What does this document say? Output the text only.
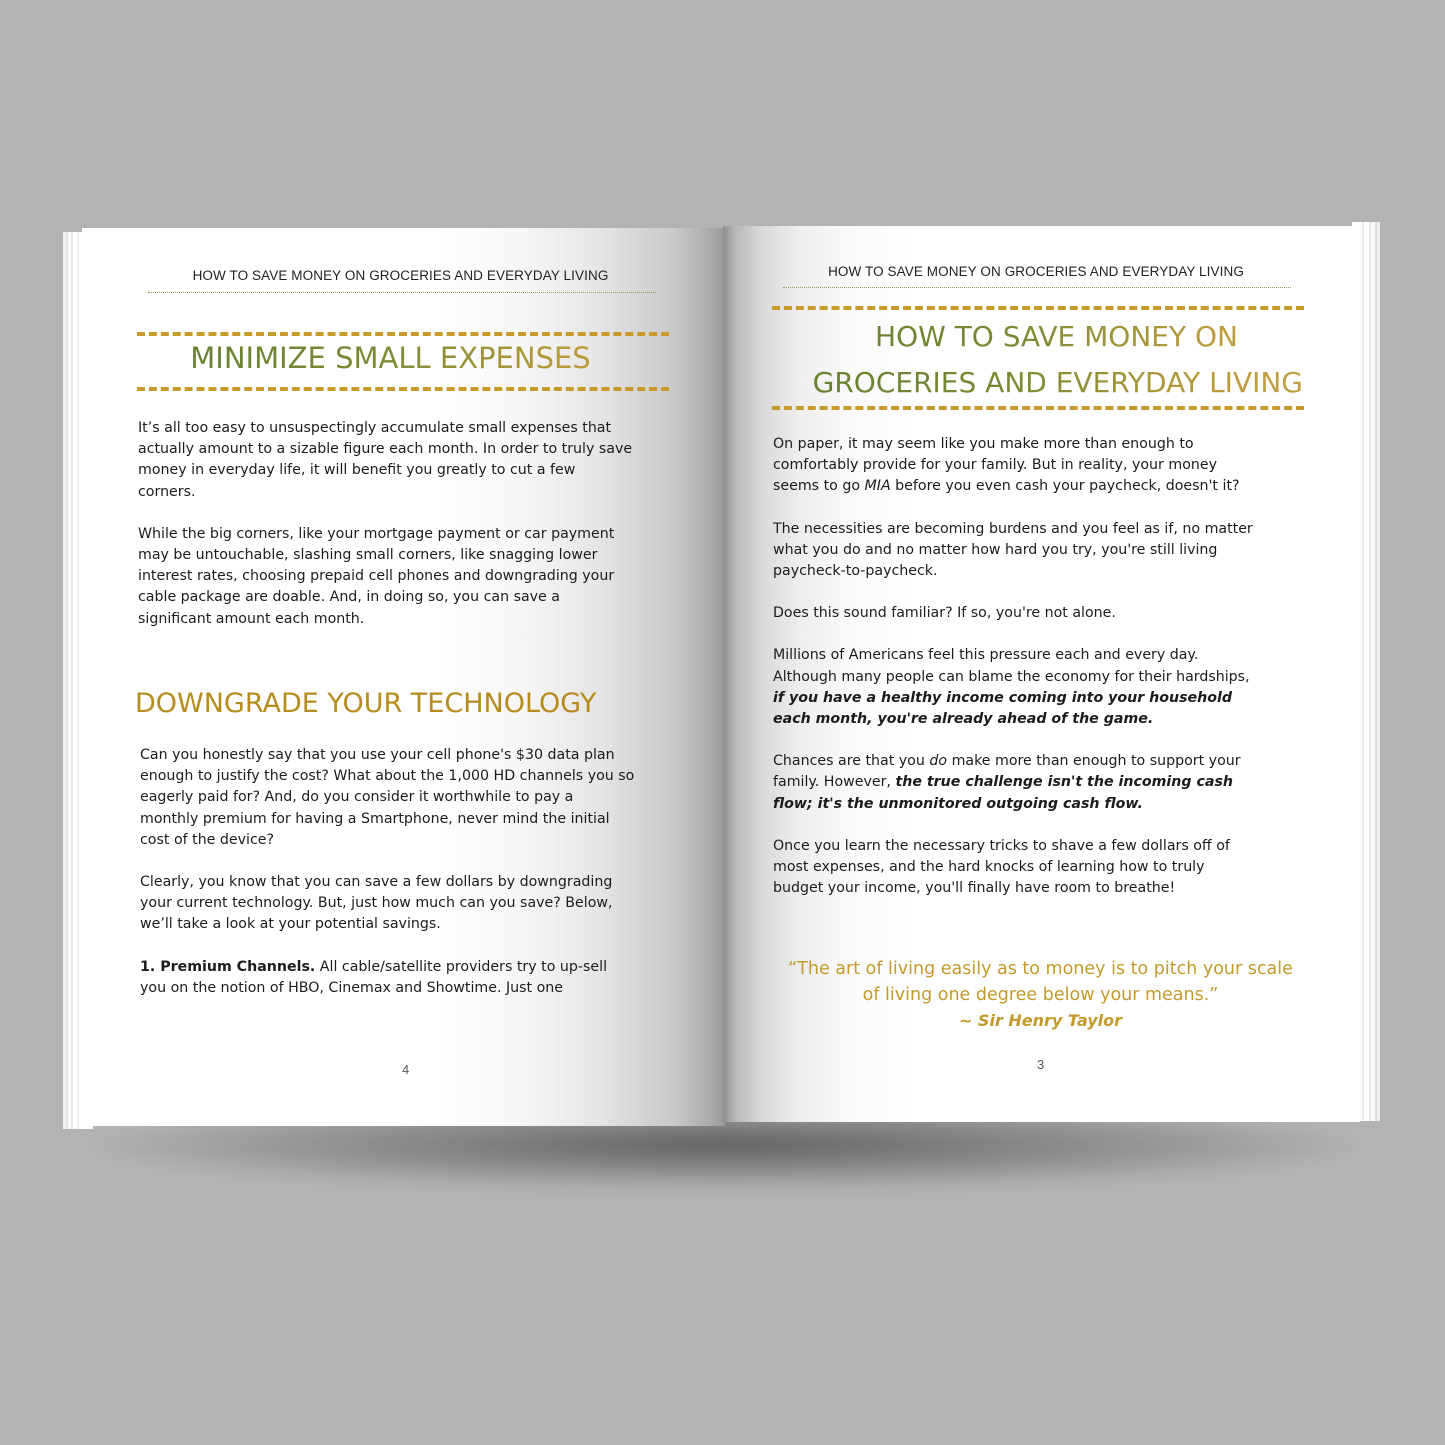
HOW TO SAVE MONEY ON GROCERIES AND EVERYDAY LIVING
MINIMIZE SMALL EXPENSES

It’s all too easy to unsuspectingly accumulate small expenses that actually amount to a sizable figure each month. In order to truly save money in everyday life, it will benefit you greatly to cut a few corners.

While the big corners, like your mortgage payment or car payment may be untouchable, slashing small corners, like snagging lower interest rates, choosing prepaid cell phones and downgrading your cable package are doable. And, in doing so, you can save a significant amount each month.

DOWNGRADE YOUR TECHNOLOGY

Can you honestly say that you use your cell phone's $30 data plan enough to justify the cost? What about the 1,000 HD channels you so eagerly paid for? And, do you consider it worthwhile to pay a monthly premium for having a Smartphone, never mind the initial cost of the device?

Clearly, you know that you can save a few dollars by downgrading your current technology. But, just how much can you save? Below, we’ll take a look at your potential savings.

1. Premium Channels. All cable/satellite providers try to up-sell you on the notion of HBO, Cinemax and Showtime. Just one

4
HOW TO SAVE MONEY ON GROCERIES AND EVERYDAY LIVING
HOW TO SAVE MONEY ON
GROCERIES AND EVERYDAY LIVING

On paper, it may seem like you make more than enough to comfortably provide for your family. But in reality, your money seems to go MIA before you even cash your paycheck, doesn't it?

The necessities are becoming burdens and you feel as if, no matter what you do and no matter how hard you try, you're still living paycheck-to-paycheck.

Does this sound familiar? If so, you're not alone.

Millions of Americans feel this pressure each and every day. Although many people can blame the economy for their hardships, if you have a healthy income coming into your household each month, you're already ahead of the game.

Chances are that you do make more than enough to support your family. However, the true challenge isn't the incoming cash flow; it's the unmonitored outgoing cash flow.

Once you learn the necessary tricks to shave a few dollars off of most expenses, and the hard knocks of learning how to truly budget your income, you'll finally have room to breathe!

“The art of living easily as to money is to pitch your scale of living one degree below your means.”
~ Sir Henry Taylor
3
